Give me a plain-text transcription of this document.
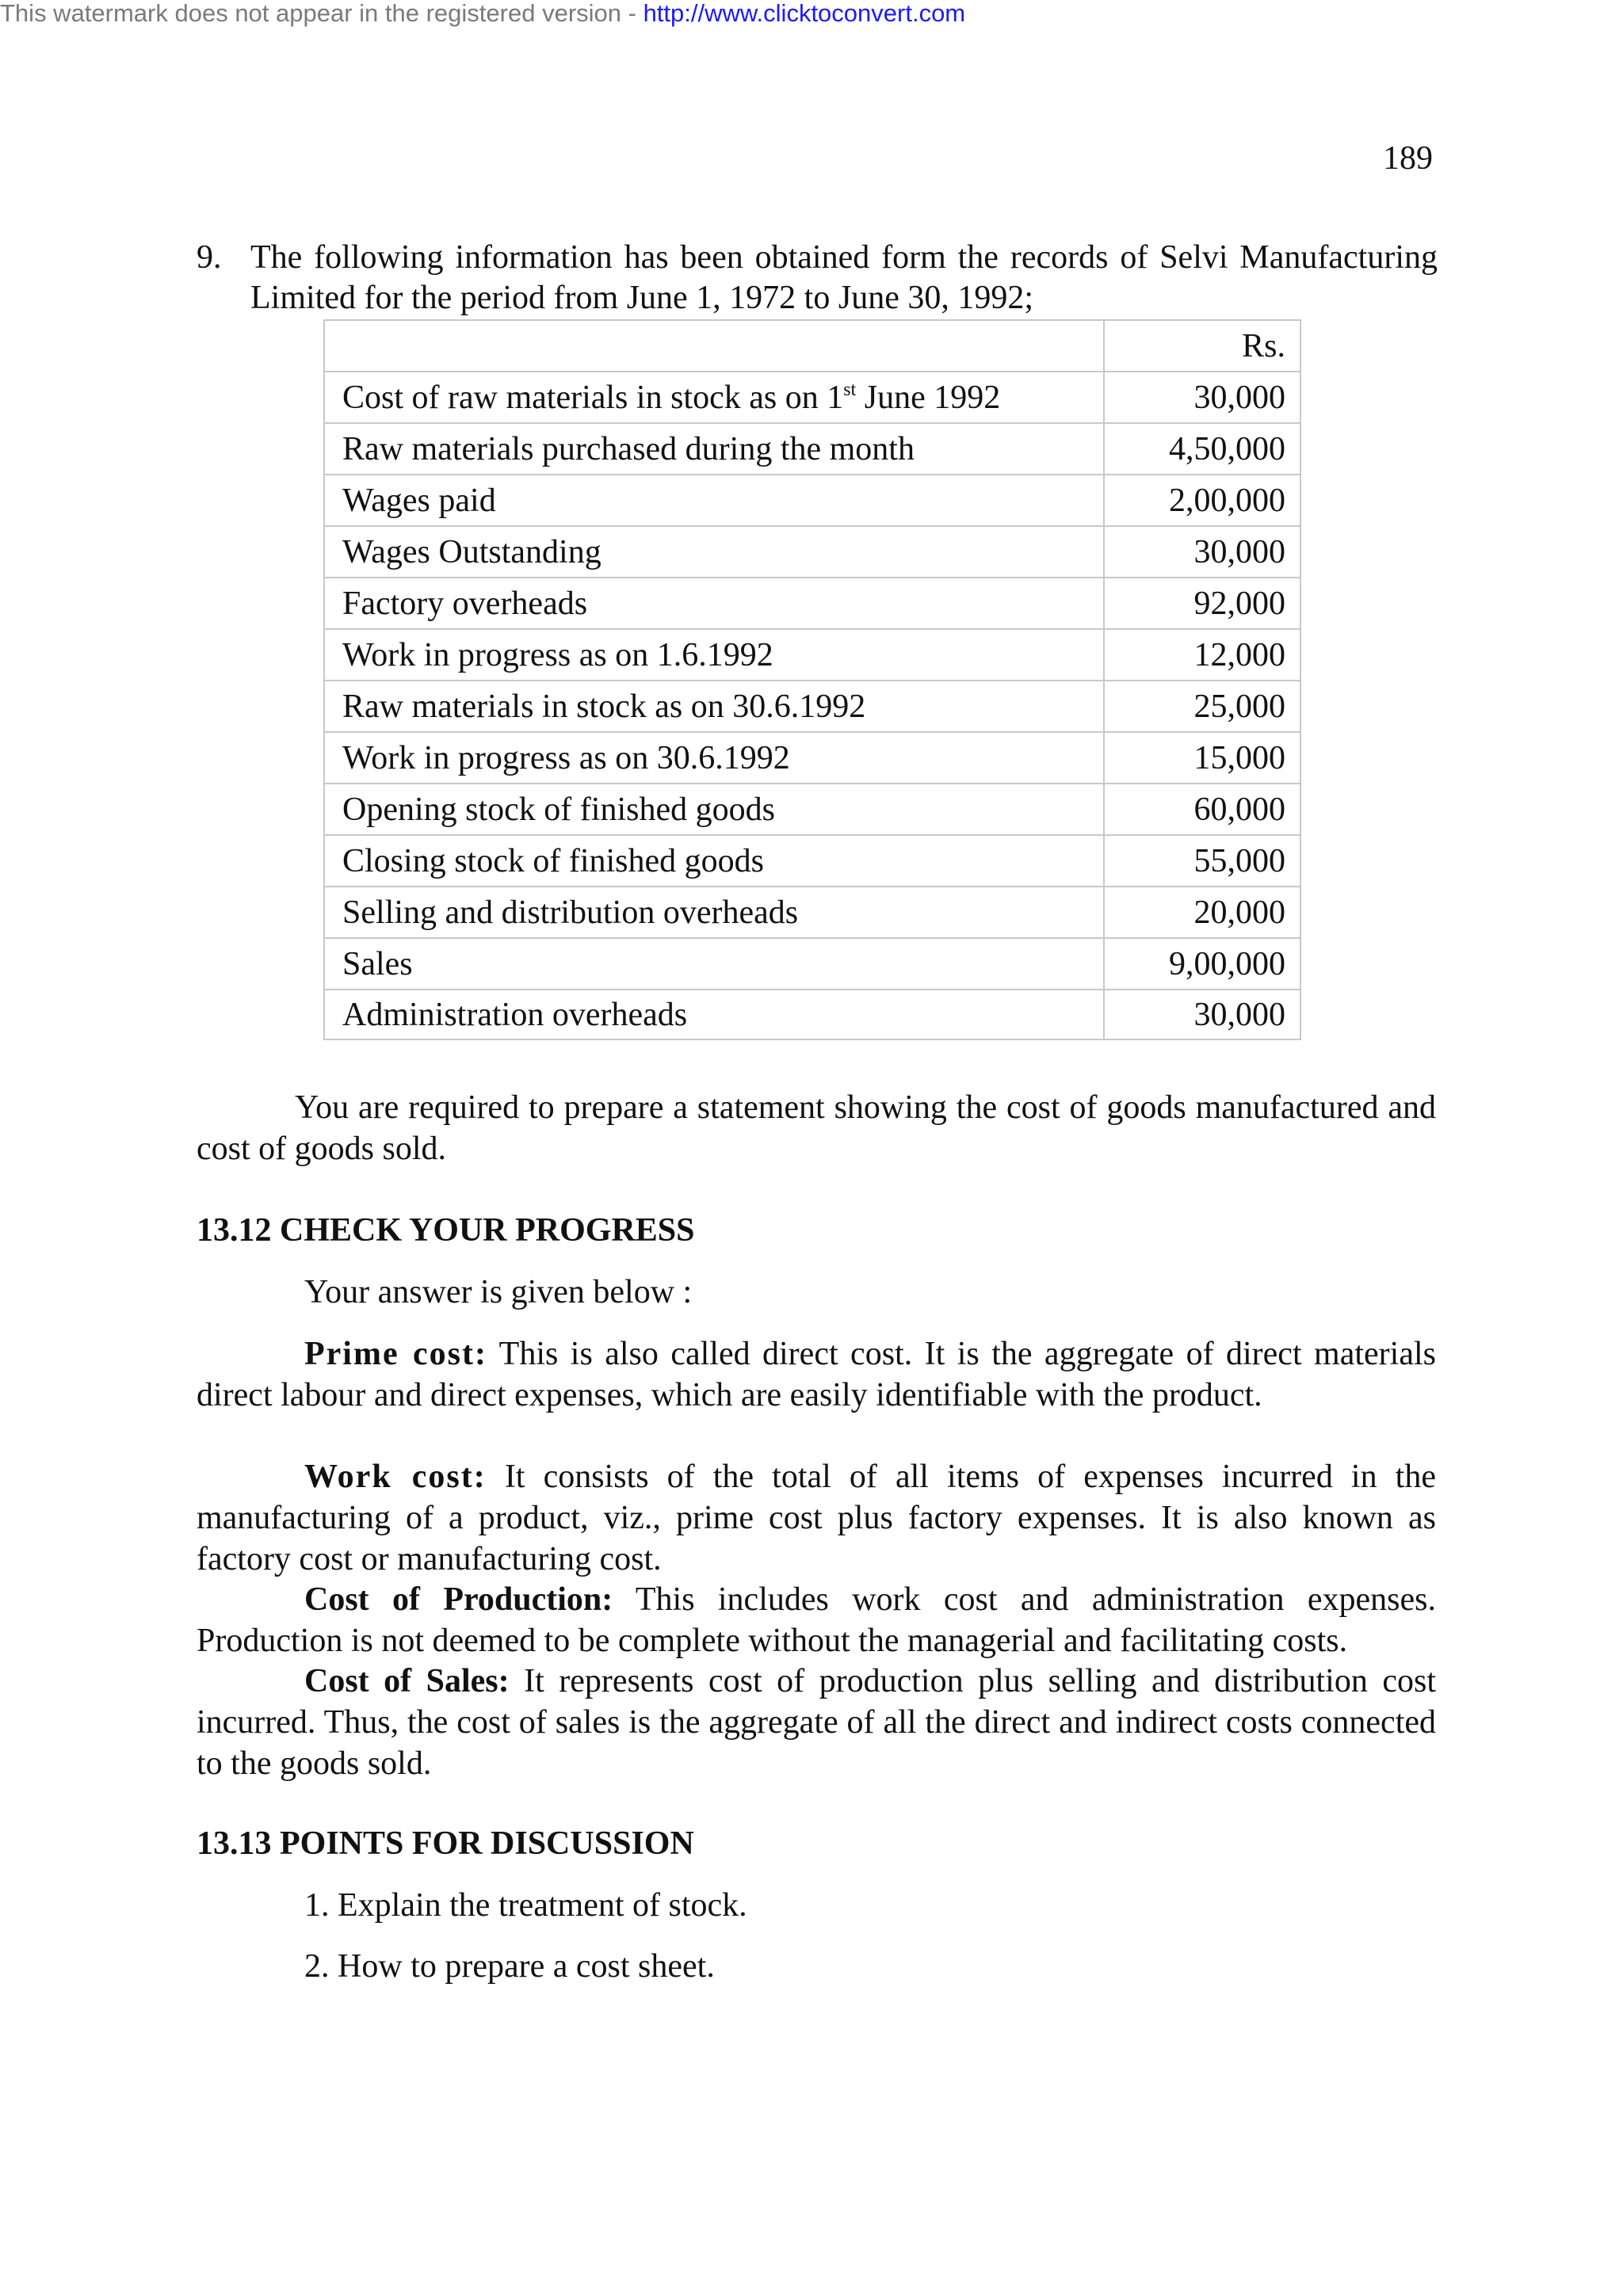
This watermark does not appear in the registered version - http://www.clicktoconvert.com
189
9. The following information has been obtained form the records of Selvi Manufacturing Limited for the period from June 1, 1972 to June 30, 1992;
	Rs.
Cost of raw materials in stock as on 1st June 1992	30,000
Raw materials purchased during the month	4,50,000
Wages paid	2,00,000
Wages Outstanding	30,000
Factory overheads	92,000
Work in progress as on 1.6.1992	12,000
Raw materials in stock as on 30.6.1992	25,000
Work in progress as on 30.6.1992	15,000
Opening stock of finished goods	60,000
Closing stock of finished goods	55,000
Selling and distribution overheads	20,000
Sales	9,00,000
Administration overheads	30,000
You are required to prepare a statement showing the cost of goods manufactured and cost of goods sold.
13.12 CHECK YOUR PROGRESS
Your answer is given below :
Prime cost: This is also called direct cost. It is the aggregate of direct materials direct labour and direct expenses, which are easily identifiable with the product.
Work cost: It consists of the total of all items of expenses incurred in the manufacturing of a product, viz., prime cost plus factory expenses. It is also known as factory cost or manufacturing cost.
Cost of Production: This includes work cost and administration expenses. Production is not deemed to be complete without the managerial and facilitating costs.
Cost of Sales: It represents cost of production plus selling and distribution cost incurred. Thus, the cost of sales is the aggregate of all the direct and indirect costs connected to the goods sold.
13.13 POINTS FOR DISCUSSION
1. Explain the treatment of stock.
2. How to prepare a cost sheet.
